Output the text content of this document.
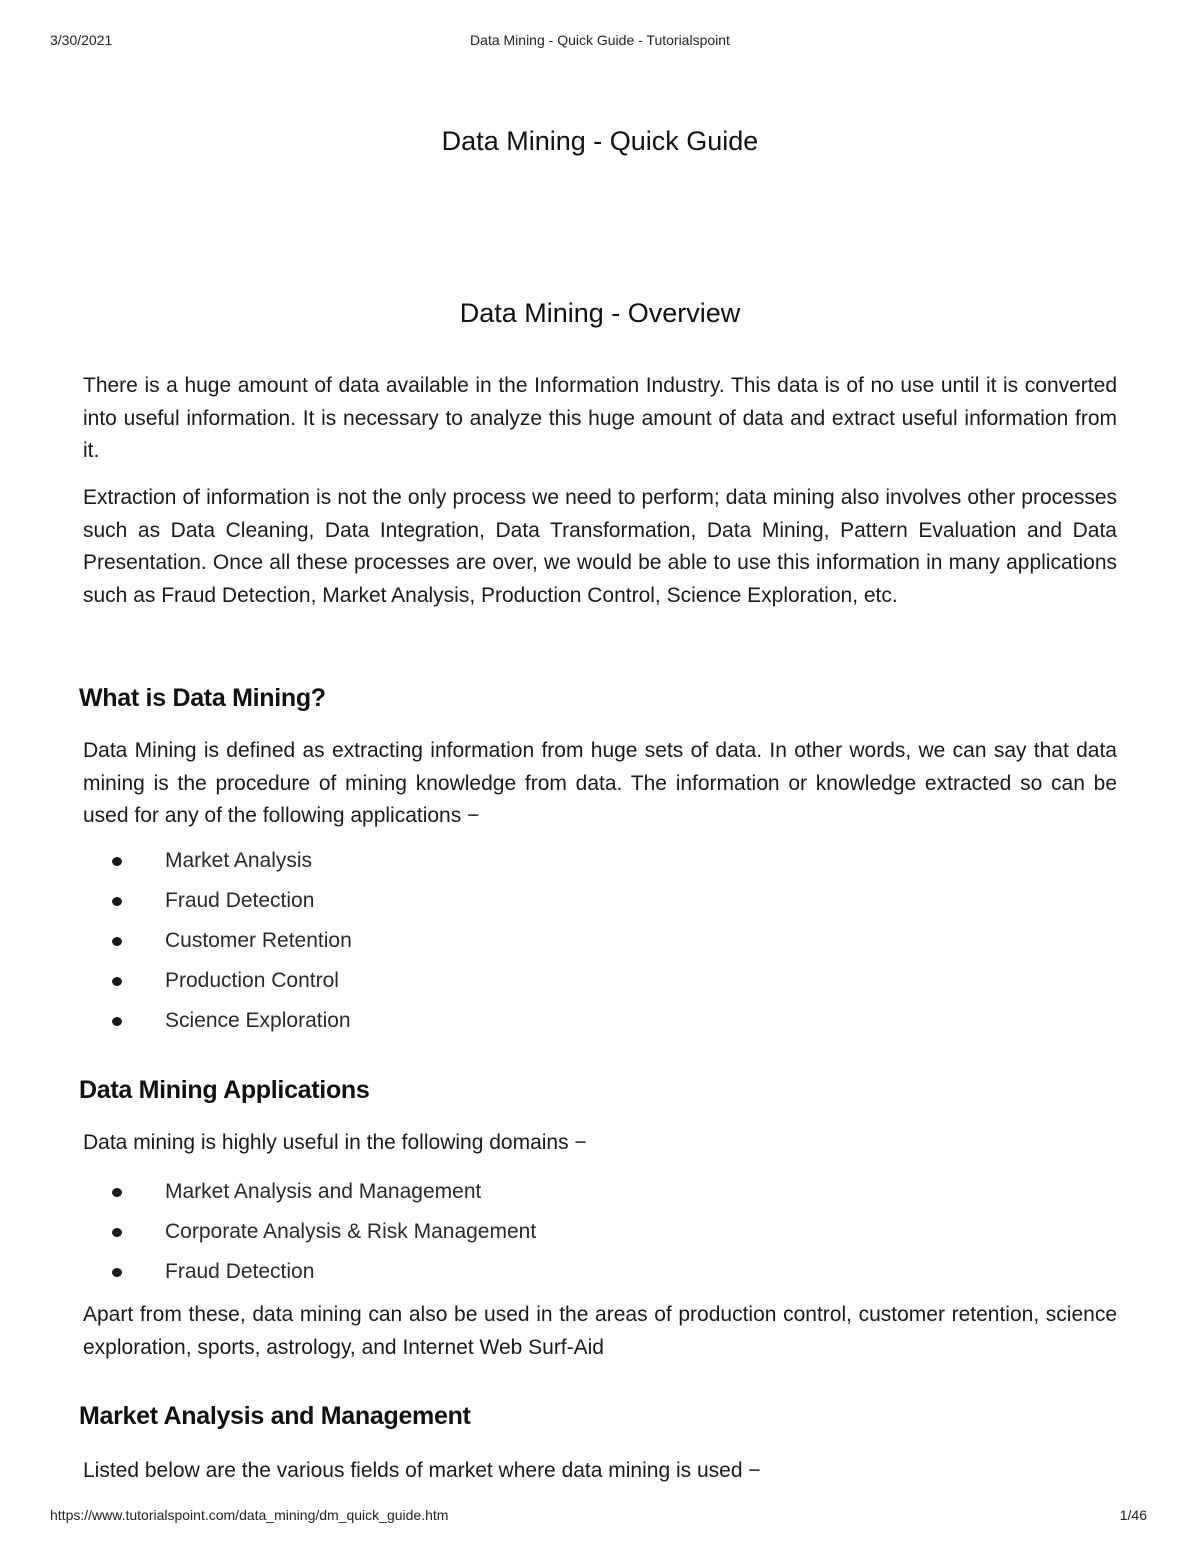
3/30/2021	Data Mining - Quick Guide - Tutorialspoint
Data Mining - Quick Guide
Data Mining - Overview

There is a huge amount of data available in the Information Industry. This data is of no use until it is converted into useful information. It is necessary to analyze this huge amount of data and extract useful information from it.

Extraction of information is not the only process we need to perform; data mining also involves other processes such as Data Cleaning, Data Integration, Data Transformation, Data Mining, Pattern Evaluation and Data Presentation. Once all these processes are over, we would be able to use this information in many applications such as Fraud Detection, Market Analysis, Production Control, Science Exploration, etc.

What is Data Mining?

Data Mining is defined as extracting information from huge sets of data. In other words, we can say that data mining is the procedure of mining knowledge from data. The information or knowledge extracted so can be used for any of the following applications −

Market Analysis
Fraud Detection
Customer Retention
Production Control
Science Exploration
Data Mining Applications

Data mining is highly useful in the following domains −

Market Analysis and Management
Corporate Analysis & Risk Management
Fraud Detection

Apart from these, data mining can also be used in the areas of production control, customer retention, science exploration, sports, astrology, and Internet Web Surf-Aid

Market Analysis and Management

Listed below are the various fields of market where data mining is used −

https://www.tutorialspoint.com/data_mining/dm_quick_guide.htm	1/46
